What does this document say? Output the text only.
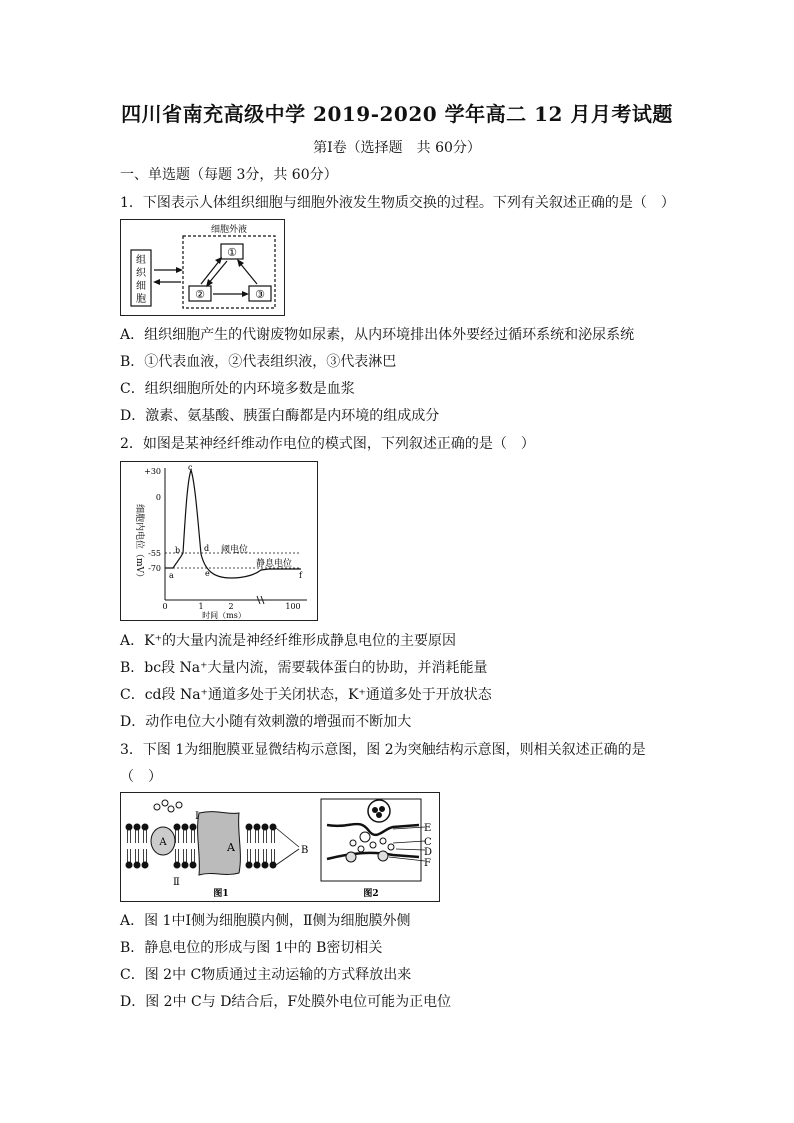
四川省南充高级中学 2019-2020 学年高二 12 月月考试题
第Ⅰ卷（选择题　共 60分）
一、单选题（每题 3分，共 60分）
1．下图表示人体组织细胞与细胞外液发生物质交换的过程。下列有关叙述正确的是（　）
组
织
细
胞
细胞外液
①
②	③
A．组织细胞产生的代谢废物如尿素，从内环境排出体外要经过循环系统和泌尿系统
B．①代表血液，②代表组织液，③代表淋巴
C．组织细胞所处的内环境多数是血浆
D．激素、氨基酸、胰蛋白酶都是内环境的组成成分
2．如图是某神经纤维动作电位的模式图，下列叙述正确的是（　）
细胞内电位（mV）
+30
0
-55
-70
a
b
c
d
e	f
阈电位
静息电位
0	1	2	100
时间（ms）
A．K⁺的大量内流是神经纤维形成静息电位的主要原因
B．bc段 Na⁺大量内流，需要载体蛋白的协助，并消耗能量
C．cd段 Na⁺通道多处于关闭状态，K⁺通道多处于开放状态
D．动作电位大小随有效刺激的增强而不断加大
3．下图 1为细胞膜亚显微结构示意图，图 2为突触结构示意图，则相关叙述正确的是
（　）
A	A
Ⅰ
Ⅱ
B
图1
E
C
D
F
图2
A．图 1中Ⅰ侧为细胞膜内侧，Ⅱ侧为细胞膜外侧
B．静息电位的形成与图 1中的 B密切相关
C．图 2中 C物质通过主动运输的方式释放出来
D．图 2中 C与 D结合后，F处膜外电位可能为正电位
